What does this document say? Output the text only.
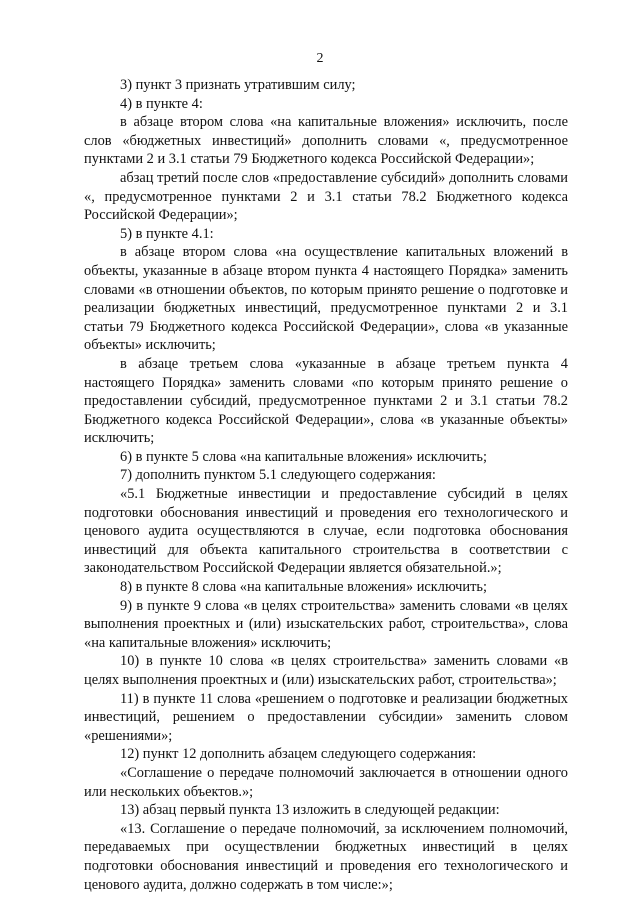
2

3) пункт 3 признать утратившим силу;

4) в пункте 4:

в абзаце втором слова «на капитальные вложения» исключить, после слов «бюджетных инвестиций» дополнить словами «, предусмотренное пунктами 2 и 3.1 статьи 79 Бюджетного кодекса Российской Федерации»;

абзац третий после слов «предоставление субсидий» дополнить словами «, предусмотренное пунктами 2 и 3.1 статьи 78.2 Бюджетного кодекса Российской Федерации»;

5) в пункте 4.1:

в абзаце втором слова «на осуществление капитальных вложений в объекты, указанные в абзаце втором пункта 4 настоящего Порядка» заменить словами «в отношении объектов, по которым принято решение о подготовке и реализации бюджетных инвестиций, предусмотренное пунктами 2 и 3.1 статьи 79 Бюджетного кодекса Российской Федерации», слова «в указанные объекты» исключить;

в абзаце третьем слова «указанные в абзаце третьем пункта 4 настоящего Порядка» заменить словами «по которым принято решение о предоставлении субсидий, предусмотренное пунктами 2 и 3.1 статьи 78.2 Бюджетного кодекса Российской Федерации», слова «в указанные объекты» исключить;

6) в пункте 5 слова «на капитальные вложения» исключить;

7) дополнить пунктом 5.1 следующего содержания:

«5.1 Бюджетные инвестиции и предоставление субсидий в целях подготовки обоснования инвестиций и проведения его технологического и ценового аудита осуществляются в случае, если подготовка обоснования инвестиций для объекта капитального строительства в соответствии с законодательством Российской Федерации является обязательной.»;

8) в пункте 8 слова «на капитальные вложения» исключить;

9) в пункте 9 слова «в целях строительства» заменить словами «в целях выполнения проектных и (или) изыскательских работ, строительства», слова «на капитальные вложения» исключить;

10) в пункте 10 слова «в целях строительства» заменить словами «в целях выполнения проектных и (или) изыскательских работ, строительства»;

11) в пункте 11 слова «решением о подготовке и реализации бюджетных инвестиций, решением о предоставлении субсидии» заменить словом «решениями»;

12) пункт 12 дополнить абзацем следующего содержания:

«Соглашение о передаче полномочий заключается в отношении одного или нескольких объектов.»;

13) абзац первый пункта 13 изложить в следующей редакции:

«13. Соглашение о передаче полномочий, за исключением полномочий, передаваемых при осуществлении бюджетных инвестиций в целях подготовки обоснования инвестиций и проведения его технологического и ценового аудита, должно содержать в том числе:»;
